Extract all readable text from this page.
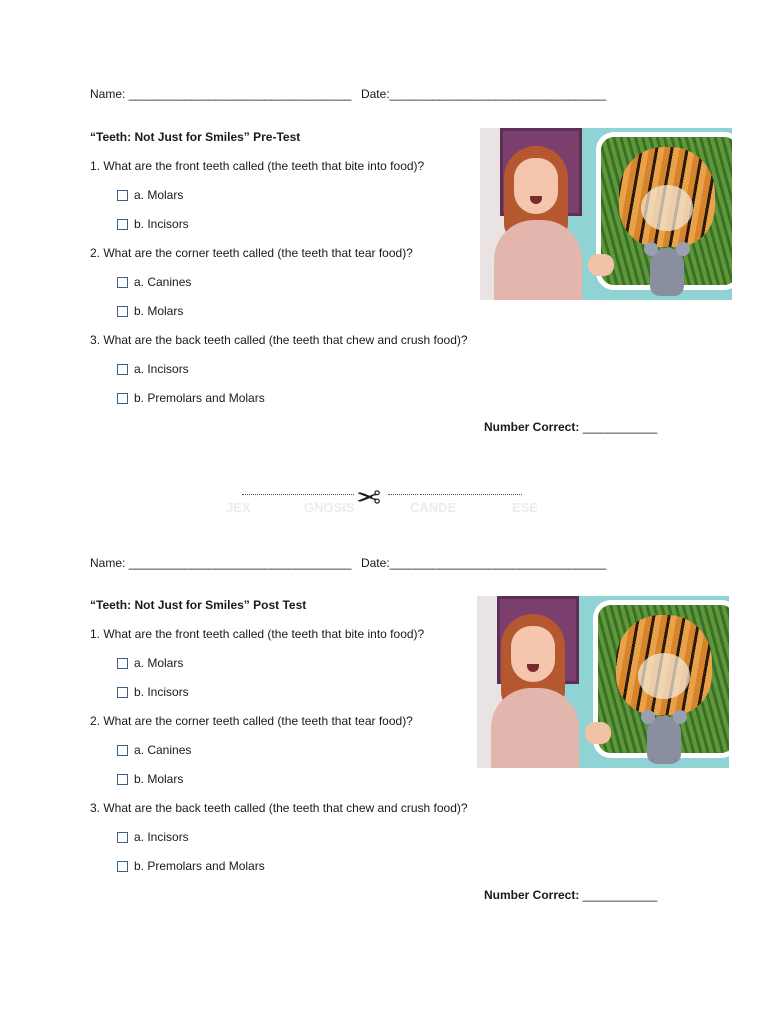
Name: ____________________________________ Date:___________________________________
“Teeth: Not Just for Smiles” Pre-Test
1. What are the front teeth called (the teeth that bite into food)?
a. Molars
b. Incisors
2. What are the corner teeth called (the teeth that tear food)?
a. Canines
b. Molars
3. What are the back teeth called (the teeth that chew and crush food)?
a. Incisors
b. Premolars and Molars
Number Correct: ____________
JEX	GNOSIS	CANDE	ESE
✂
Name: ____________________________________ Date:___________________________________
“Teeth: Not Just for Smiles” Post Test
1. What are the front teeth called (the teeth that bite into food)?
a. Molars
b. Incisors
2. What are the corner teeth called (the teeth that tear food)?
a. Canines
b. Molars
3. What are the back teeth called (the teeth that chew and crush food)?
a. Incisors
b. Premolars and Molars
Number Correct: ____________
